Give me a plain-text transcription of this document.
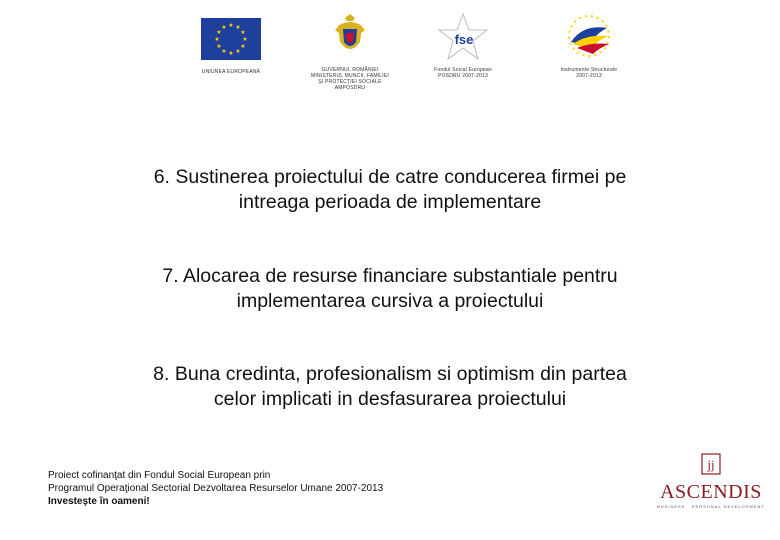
★ ★
★
★
★
★
★
★
★
★
★
★
UNIUNEA EUROPEANĂ	GUVERNUL ROMÂNIEI
MINISTERUL MUNCII, FAMILIEI
ŞI PROTECŢIEI SOCIALE
AMPOSDRU
fse
Fondul Social European
POSDRU 2007-2013
Instrumente Structurale
2007-2013
6. Sustinerea proiectului de catre conducerea firmei pe
intreaga perioada de implementare
7. Alocarea de resurse financiare substantiale pentru
implementarea cursiva a proiectului
8. Buna credinta, profesionalism si optimism din partea
celor implicati in desfasurarea proiectului
Proiect cofinanţat din Fondul Social European prin
Programul Operaţional Sectorial Dezvoltarea Resurselor Umane 2007-2013
Investeşte în oameni!
jj
ASCENDIS
BUSINESS · PERSONAL DEVELOPMENT
